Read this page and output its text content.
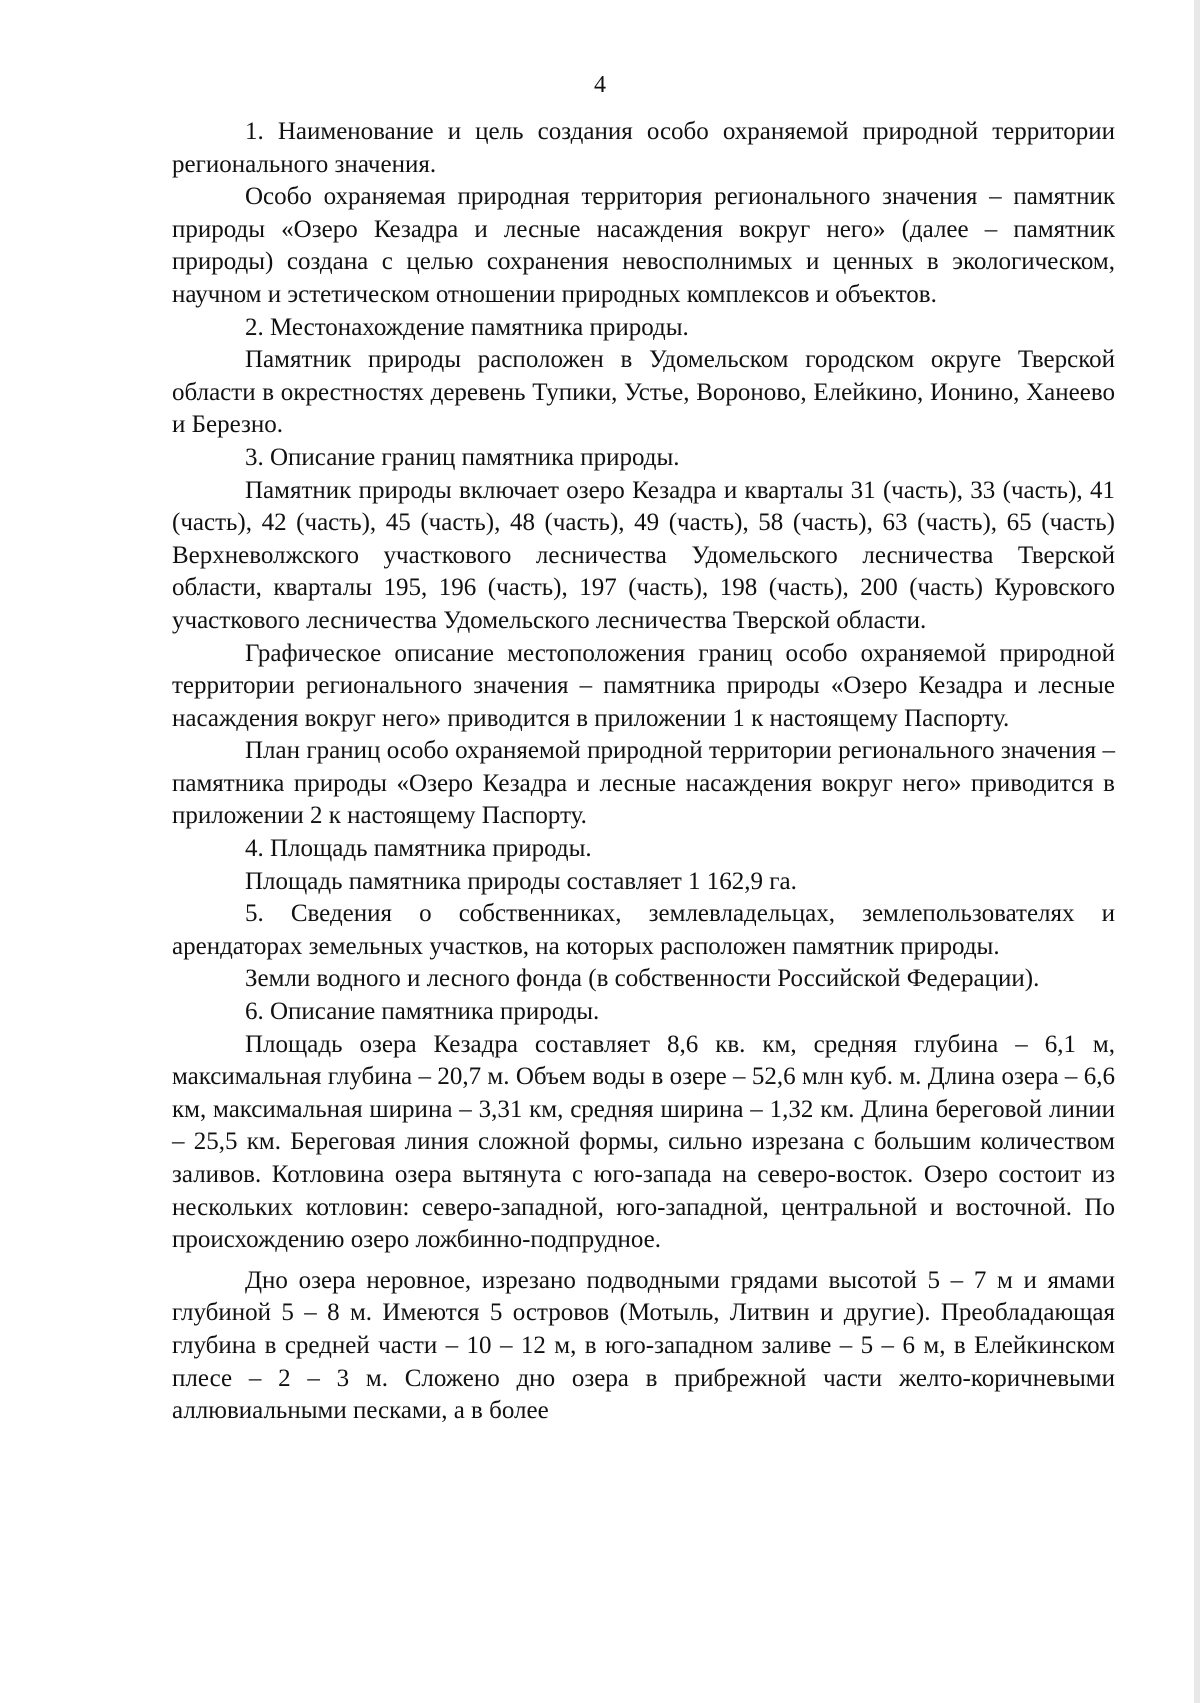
4

1. Наименование и цель создания особо охраняемой природной территории регионального значения.

Особо охраняемая природная территория регионального значения – памятник природы «Озеро Кезадра и лесные насаждения вокруг него» (далее – памятник природы) создана с целью сохранения невосполнимых и ценных в экологическом, научном и эстетическом отношении природных комплексов и объектов.

2. Местонахождение памятника природы.

Памятник природы расположен в Удомельском городском округе Тверской области в окрестностях деревень Тупики, Устье, Вороново, Елейкино, Ионино, Ханеево и Березно.

3. Описание границ памятника природы.

Памятник природы включает озеро Кезадра и кварталы 31 (часть), 33 (часть), 41 (часть), 42 (часть), 45 (часть), 48 (часть), 49 (часть), 58 (часть), 63 (часть), 65 (часть) Верхневолжского участкового лесничества Удомельского лесничества Тверской области, кварталы 195, 196 (часть), 197 (часть), 198 (часть), 200 (часть) Куровского участкового лесничества Удомельского лесничества Тверской области.

Графическое описание местоположения границ особо охраняемой природной территории регионального значения – памятника природы «Озеро Кезадра и лесные насаждения вокруг него» приводится в приложении 1 к настоящему Паспорту.

План границ особо охраняемой природной территории регионального значения – памятника природы «Озеро Кезадра и лесные насаждения вокруг него» приводится в приложении 2 к настоящему Паспорту.

4. Площадь памятника природы.

Площадь памятника природы составляет 1 162,9 га.

5. Сведения о собственниках, землевладельцах, землепользователях и арендаторах земельных участков, на которых расположен памятник природы.

Земли водного и лесного фонда (в собственности Российской Федерации).

6. Описание памятника природы.

Площадь озера Кезадра составляет 8,6 кв. км, средняя глубина – 6,1 м, максимальная глубина – 20,7 м. Объем воды в озере – 52,6 млн куб. м. Длина озера – 6,6 км, максимальная ширина – 3,31 км, средняя ширина – 1,32 км. Длина береговой линии – 25,5 км. Береговая линия сложной формы, сильно изрезана с большим количеством заливов. Котловина озера вытянута с юго-запада на северо-восток. Озеро состоит из нескольких котловин: северо-западной, юго-западной, центральной и восточной. По происхождению озеро ложбинно-подпрудное.

Дно озера неровное, изрезано подводными грядами высотой 5 – 7 м и ямами глубиной 5 – 8 м. Имеются 5 островов (Мотыль, Литвин и другие). Преобладающая глубина в средней части – 10 – 12 м, в юго-западном заливе – 5 – 6 м, в Елейкинском плесе – 2 – 3 м. Сложено дно озера в прибрежной части желто-коричневыми аллювиальными песками, а в более
